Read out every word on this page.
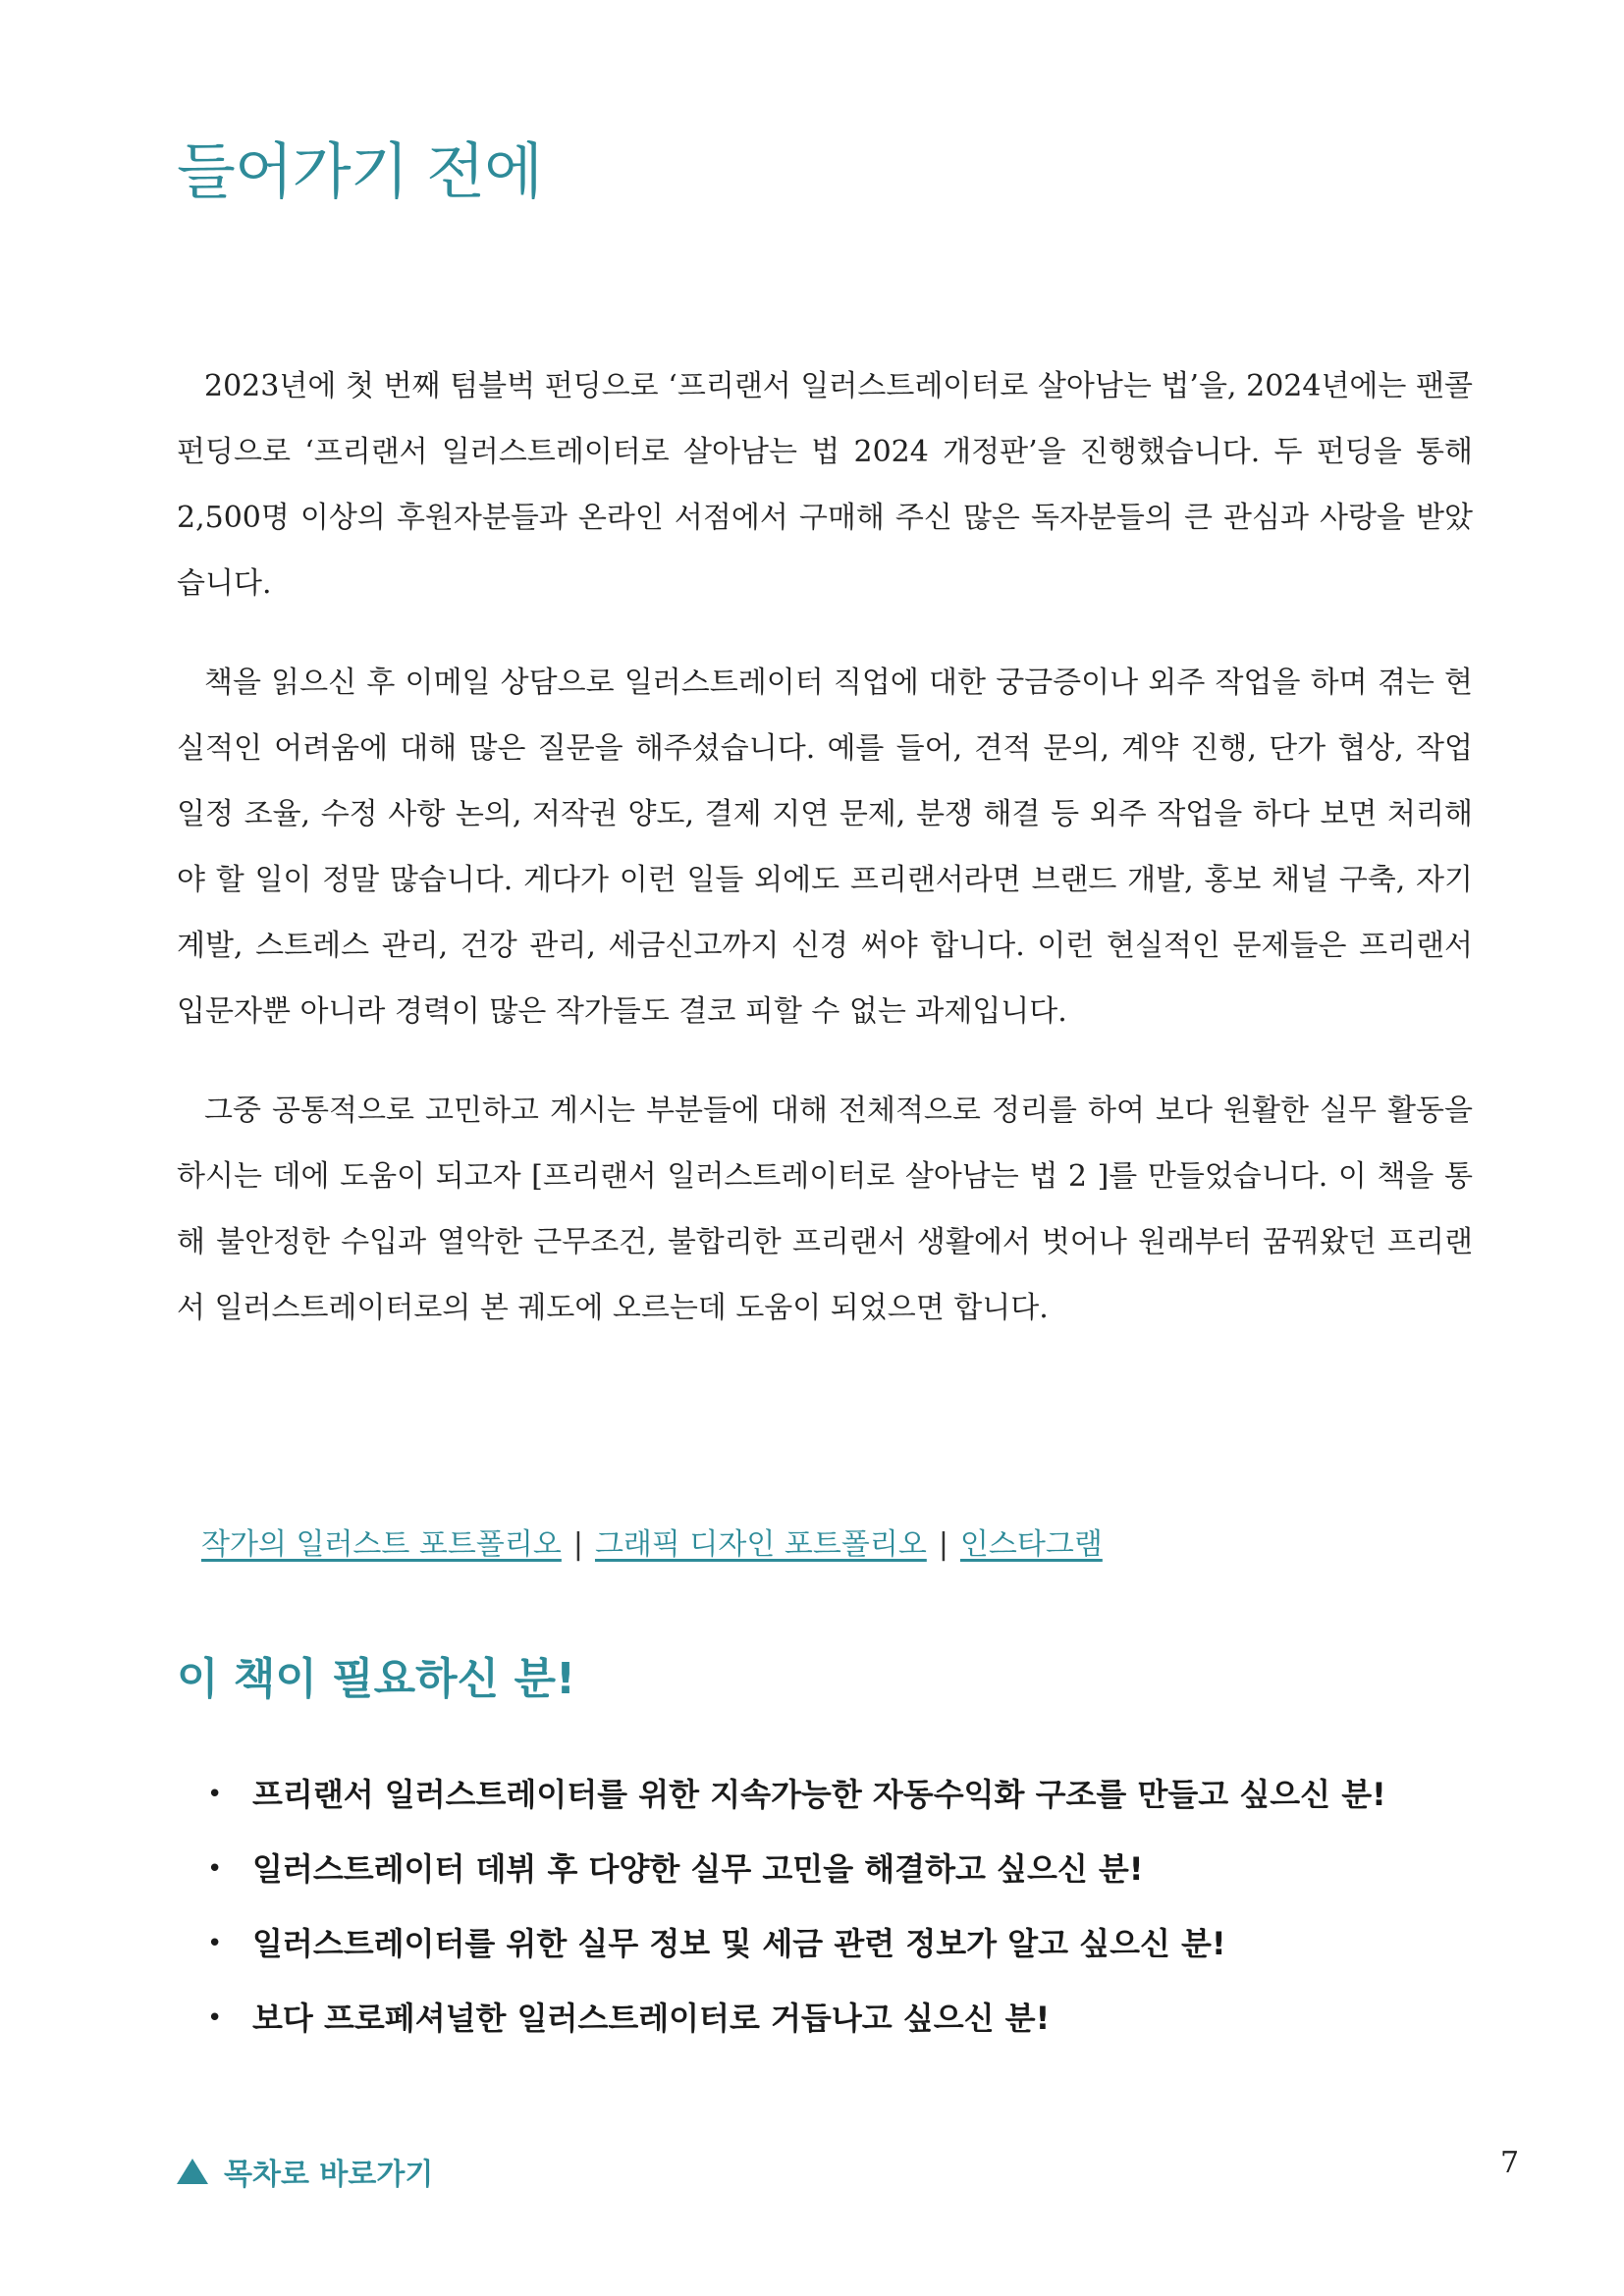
들어가기 전에

2023년에 첫 번째 텀블벅 펀딩으로 ‘프리랜서 일러스트레이터로 살아남는 법’을, 2024년에는 팬콜 펀딩으로 ‘프리랜서 일러스트레이터로 살아남는 법 2024 개정판’을 진행했습니다. 두 펀딩을 통해 2,500명 이상의 후원자분들과 온라인 서점에서 구매해 주신 많은 독자분들의 큰 관심과 사랑을 받았습니다.

책을 읽으신 후 이메일 상담으로 일러스트레이터 직업에 대한 궁금증이나 외주 작업을 하며 겪는 현실적인 어려움에 대해 많은 질문을 해주셨습니다. 예를 들어, 견적 문의, 계약 진행, 단가 협상, 작업 일정 조율, 수정 사항 논의, 저작권 양도, 결제 지연 문제, 분쟁 해결 등 외주 작업을 하다 보면 처리해야 할 일이 정말 많습니다. 게다가 이런 일들 외에도 프리랜서라면 브랜드 개발, 홍보 채널 구축, 자기 계발, 스트레스 관리, 건강 관리, 세금신고까지 신경 써야 합니다. 이런 현실적인 문제들은 프리랜서 입문자뿐 아니라 경력이 많은 작가들도 결코 피할 수 없는 과제입니다.

그중 공통적으로 고민하고 계시는 부분들에 대해 전체적으로 정리를 하여 보다 원활한 실무 활동을 하시는 데에 도움이 되고자 [프리랜서 일러스트레이터로 살아남는 법 2 ]를 만들었습니다. 이 책을 통해 불안정한 수입과 열악한 근무조건, 불합리한 프리랜서 생활에서 벗어나 원래부터 꿈꿔왔던 프리랜서 일러스트레이터로의 본 궤도에 오르는데 도움이 되었으면 합니다.

작가의 일러스트 포트폴리오 | 그래픽 디자인 포트폴리오 | 인스타그램
이 책이 필요하신 분!
• 프리랜서 일러스트레이터를 위한 지속가능한 자동수익화 구조를 만들고 싶으신 분!
• 일러스트레이터 데뷔 후 다양한 실무 고민을 해결하고 싶으신 분!
• 일러스트레이터를 위한 실무 정보 및 세금 관련 정보가 알고 싶으신 분!
• 보다 프로페셔널한 일러스트레이터로 거듭나고 싶으신 분!
목차로 바로가기	7
